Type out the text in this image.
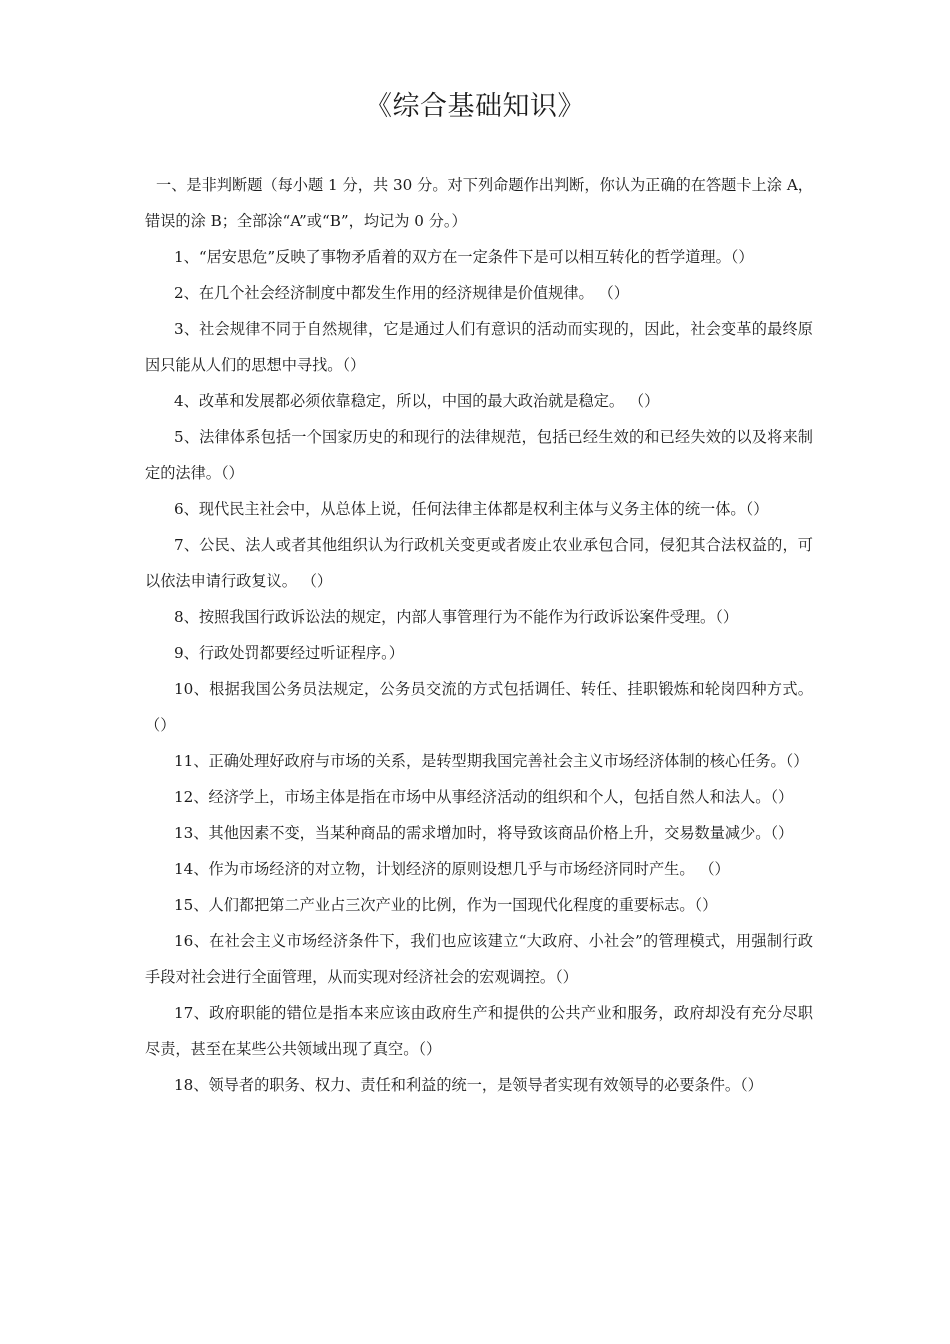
《综合基础知识》

一、是非判断题（每小题 1 分，共 30 分。对下列命题作出判断，你认为正确的在答题卡上涂 A，错误的涂 B；全部涂“A”或“B”，均记为 0 分。）

1、“居安思危”反映了事物矛盾着的双方在一定条件下是可以相互转化的哲学道理。（）

2、在几个社会经济制度中都发生作用的经济规律是价值规律。 （）

3、社会规律不同于自然规律，它是通过人们有意识的活动而实现的，因此，社会变革的最终原因只能从人们的思想中寻找。（）

4、改革和发展都必须依靠稳定，所以，中国的最大政治就是稳定。 （）

5、法律体系包括一个国家历史的和现行的法律规范，包括已经生效的和已经失效的以及将来制定的法律。（）

6、现代民主社会中，从总体上说，任何法律主体都是权利主体与义务主体的统一体。（）

7、公民、法人或者其他组织认为行政机关变更或者废止农业承包合同，侵犯其合法权益的，可以依法申请行政复议。 （）

8、按照我国行政诉讼法的规定，内部人事管理行为不能作为行政诉讼案件受理。（）

9、行政处罚都要经过听证程序。）

10、根据我国公务员法规定，公务员交流的方式包括调任、转任、挂职锻炼和轮岗四种方式。（）

11、正确处理好政府与市场的关系，是转型期我国完善社会主义市场经济体制的核心任务。（）

12、经济学上，市场主体是指在市场中从事经济活动的组织和个人，包括自然人和法人。（）

13、其他因素不变，当某种商品的需求增加时，将导致该商品价格上升，交易数量减少。（）

14、作为市场经济的对立物，计划经济的原则设想几乎与市场经济同时产生。 （）

15、人们都把第二产业占三次产业的比例，作为一国现代化程度的重要标志。（）

16、在社会主义市场经济条件下，我们也应该建立“大政府、小社会”的管理模式，用强制行政手段对社会进行全面管理，从而实现对经济社会的宏观调控。（）

17、政府职能的错位是指本来应该由政府生产和提供的公共产业和服务，政府却没有充分尽职尽责，甚至在某些公共领域出现了真空。（）

18、领导者的职务、权力、责任和利益的统一，是领导者实现有效领导的必要条件。（）
